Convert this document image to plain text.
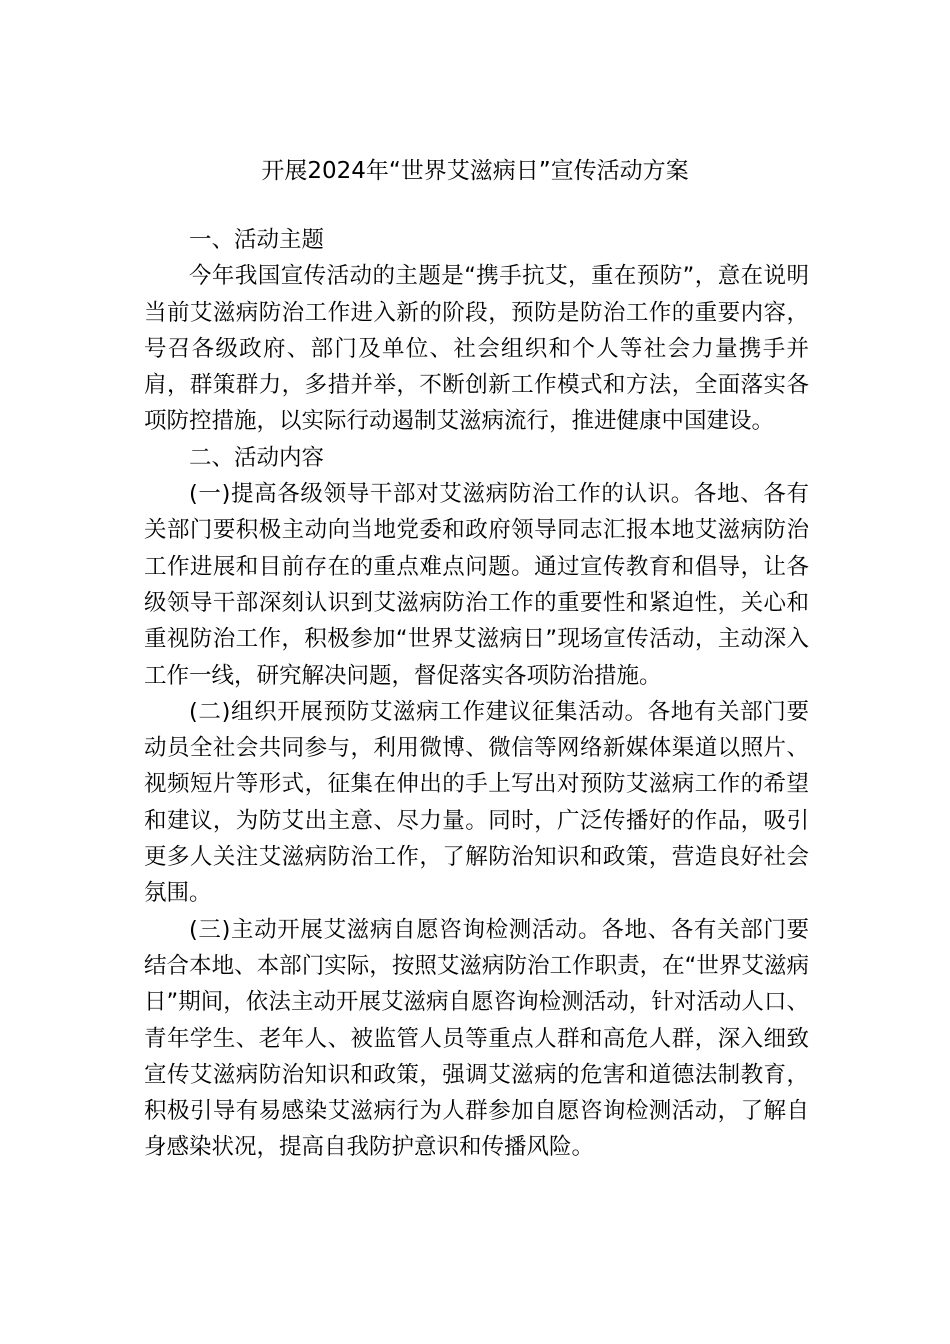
开展2024年“世界艾滋病日”宣传活动方案

一、活动主题

今年我国宣传活动的主题是“携手抗艾，重在预防”，意在说明当前艾滋病防治工作进入新的阶段，预防是防治工作的重要内容，号召各级政府、部门及单位、社会组织和个人等社会力量携手并肩，群策群力，多措并举，不断创新工作模式和方法，全面落实各项防控措施，以实际行动遏制艾滋病流行，推进健康中国建设。

二、活动内容

(一)提高各级领导干部对艾滋病防治工作的认识。各地、各有关部门要积极主动向当地党委和政府领导同志汇报本地艾滋病防治工作进展和目前存在的重点难点问题。通过宣传教育和倡导，让各级领导干部深刻认识到艾滋病防治工作的重要性和紧迫性，关心和重视防治工作，积极参加“世界艾滋病日”现场宣传活动，主动深入工作一线，研究解决问题，督促落实各项防治措施。

(二)组织开展预防艾滋病工作建议征集活动。各地有关部门要动员全社会共同参与，利用微博、微信等网络新媒体渠道以照片、视频短片等形式，征集在伸出的手上写出对预防艾滋病工作的希望和建议，为防艾出主意、尽力量。同时，广泛传播好的作品，吸引更多人关注艾滋病防治工作，了解防治知识和政策，营造良好社会氛围。

(三)主动开展艾滋病自愿咨询检测活动。各地、各有关部门要结合本地、本部门实际，按照艾滋病防治工作职责，在“世界艾滋病日”期间，依法主动开展艾滋病自愿咨询检测活动，针对活动人口、青年学生、老年人、被监管人员等重点人群和高危人群，深入细致宣传艾滋病防治知识和政策，强调艾滋病的危害和道德法制教育，积极引导有易感染艾滋病行为人群参加自愿咨询检测活动，了解自身感染状况，提高自我防护意识和传播风险。
